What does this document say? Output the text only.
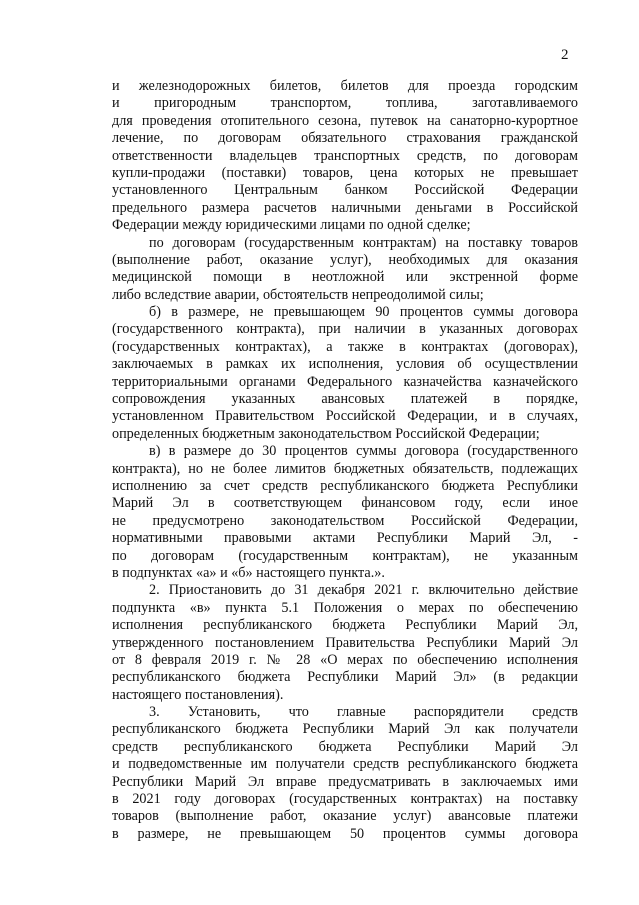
2
и железнодорожных билетов, билетов для проезда городским
и пригородным транспортом, топлива, заготавливаемого
для проведения отопительного сезона, путевок на санаторно-курортное
лечение, по договорам обязательного страхования гражданской
ответственности владельцев транспортных средств, по договорам
купли-продажи (поставки) товаров, цена которых не превышает
установленного Центральным банком Российской Федерации
предельного размера расчетов наличными деньгами в Российской
Федерации между юридическими лицами по одной сделке;
по договорам (государственным контрактам) на поставку товаров
(выполнение работ, оказание услуг), необходимых для оказания
медицинской помощи в неотложной или экстренной форме
либо вследствие аварии, обстоятельств непреодолимой силы;
б) в размере, не превышающем 90 процентов суммы договора
(государственного контракта), при наличии в указанных договорах
(государственных контрактах), а также в контрактах (договорах),
заключаемых в рамках их исполнения, условия об осуществлении
территориальными органами Федерального казначейства казначейского
сопровождения указанных авансовых платежей в порядке,
установленном Правительством Российской Федерации, и в случаях,
определенных бюджетным законодательством Российской Федерации;
в) в размере до 30 процентов суммы договора (государственного
контракта), но не более лимитов бюджетных обязательств, подлежащих
исполнению за счет средств республиканского бюджета Республики
Марий Эл в соответствующем финансовом году, если иное
не предусмотрено законодательством Российской Федерации,
нормативными правовыми актами Республики Марий Эл, -
по договорам (государственным контрактам), не указанным
в подпунктах «а» и «б» настоящего пункта.».
2. Приостановить до 31 декабря 2021 г. включительно действие
подпункта «в» пункта 5.1 Положения о мерах по обеспечению
исполнения республиканского бюджета Республики Марий Эл,
утвержденного постановлением Правительства Республики Марий Эл
от 8 февраля 2019 г. № 28 «О мерах по обеспечению исполнения
республиканского бюджета Республики Марий Эл» (в редакции
настоящего постановления).
3. Установить, что главные распорядители средств
республиканского бюджета Республики Марий Эл как получатели
средств республиканского бюджета Республики Марий Эл
и подведомственные им получатели средств республиканского бюджета
Республики Марий Эл вправе предусматривать в заключаемых ими
в 2021 году договорах (государственных контрактах) на поставку
товаров (выполнение работ, оказание услуг) авансовые платежи
в размере, не превышающем 50 процентов суммы договора
